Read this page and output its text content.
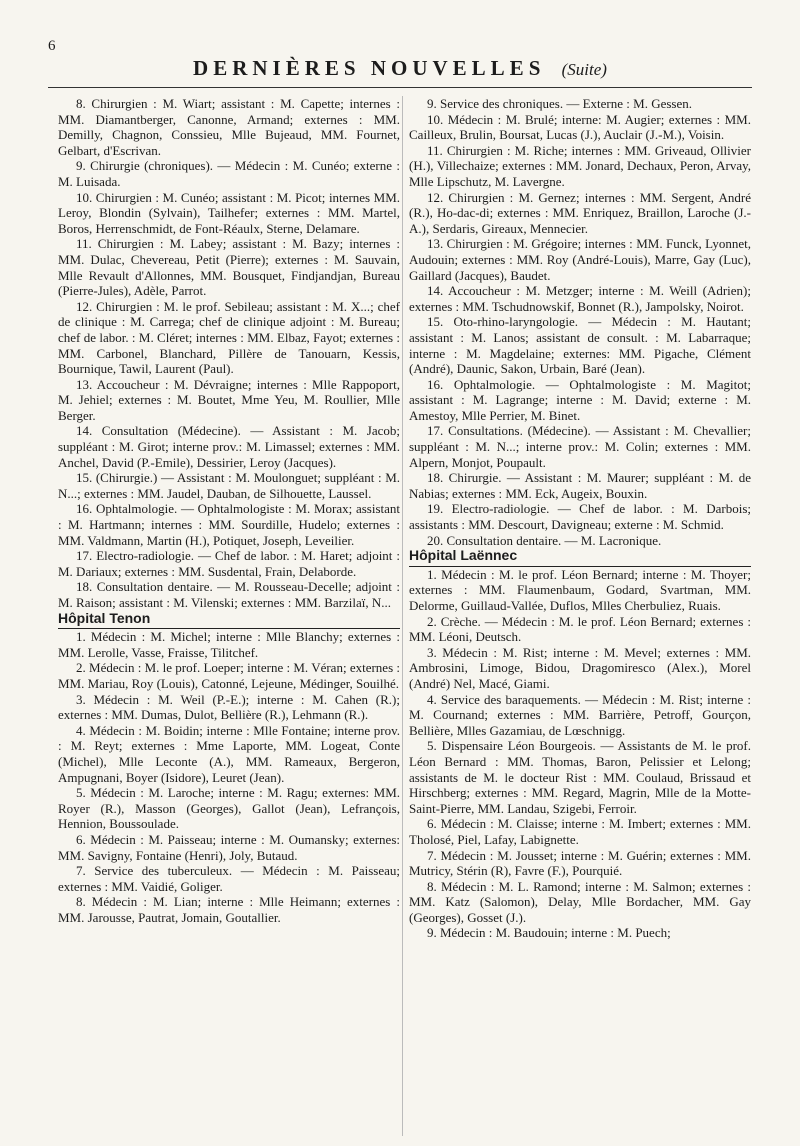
6
DERNIÈRES NOUVELLES (Suite)

8. Chirurgien : M. Wiart; assistant : M. Capette; internes : MM. Diamantberger, Canonne, Armand; externes : MM. Demilly, Chagnon, Conssieu, Mlle Bujeaud, MM. Fournet, Gelbart, d'Escrivan.

9. Chirurgie (chroniques). — Médecin : M. Cunéo; externe : M. Luisada.

10. Chirurgien : M. Cunéo; assistant : M. Picot; internes MM. Leroy, Blondin (Sylvain), Tailhefer; externes : MM. Martel, Boros, Herrenschmidt, de Font-Réaulx, Sterne, Delamare.

11. Chirurgien : M. Labey; assistant : M. Bazy; internes : MM. Dulac, Chevereau, Petit (Pierre); externes : M. Sauvain, Mlle Revault d'Allonnes, MM. Bousquet, Findjandjan, Bureau (Pierre-Jules), Adèle, Parrot.

12. Chirurgien : M. le prof. Sebileau; assistant : M. X...; chef de clinique : M. Carrega; chef de clinique adjoint : M. Bureau; chef de labor. : M. Cléret; internes : MM. Elbaz, Fayot; externes : MM. Carbonel, Blanchard, Pillère de Tanouarn, Kessis, Bournique, Tawil, Laurent (Paul).

13. Accoucheur : M. Dévraigne; internes : Mlle Rappoport, M. Jehiel; externes : M. Boutet, Mme Yeu, M. Roullier, Mlle Berger.

14. Consultation (Médecine). — Assistant : M. Jacob; suppléant : M. Girot; interne prov.: M. Limassel; externes : MM. Anchel, David (P.-Emile), Dessirier, Leroy (Jacques).

15. (Chirurgie.) — Assistant : M. Moulonguet; suppléant : M. N...; externes : MM. Jaudel, Dauban, de Silhouette, Laussel.

16. Ophtalmologie. — Ophtalmologiste : M. Morax; assistant : M. Hartmann; internes : MM. Sourdille, Hudelo; externes : MM. Valdmann, Martin (H.), Potiquet, Joseph, Leveilier.

17. Electro-radiologie. — Chef de labor. : M. Haret; adjoint : M. Dariaux; externes : MM. Susdental, Frain, Delaborde.

18. Consultation dentaire. — M. Rousseau-Decelle; adjoint : M. Raison; assistant : M. Vilenski; externes : MM. Barzilaï, N...

Hôpital Tenon

1. Médecin : M. Michel; interne : Mlle Blanchy; externes : MM. Lerolle, Vasse, Fraisse, Tilitchef.

2. Médecin : M. le prof. Loeper; interne : M. Véran; externes : MM. Mariau, Roy (Louis), Catonné, Lejeune, Médinger, Souilhé.

3. Médecin : M. Weil (P.-E.); interne : M. Cahen (R.); externes : MM. Dumas, Dulot, Bellière (R.), Lehmann (R.).

4. Médecin : M. Boidin; interne : Mlle Fontaine; interne prov. : M. Reyt; externes : Mme Laporte, MM. Logeat, Conte (Michel), Mlle Leconte (A.), MM. Rameaux, Bergeron, Ampugnani, Boyer (Isidore), Leuret (Jean).

5. Médecin : M. Laroche; interne : M. Ragu; externes: MM. Royer (R.), Masson (Georges), Gallot (Jean), Lefrançois, Hennion, Boussoulade.

6. Médecin : M. Paisseau; interne : M. Oumansky; externes: MM. Savigny, Fontaine (Henri), Joly, Butaud.

7. Service des tuberculeux. — Médecin : M. Paisseau; externes : MM. Vaidié, Goliger.

8. Médecin : M. Lian; interne : Mlle Heimann; externes : MM. Jarousse, Pautrat, Jomain, Goutallier.

9. Service des chroniques. — Externe : M. Gessen.

10. Médecin : M. Brulé; interne: M. Augier; externes : MM. Cailleux, Brulin, Boursat, Lucas (J.), Auclair (J.-M.), Voisin.

11. Chirurgien : M. Riche; internes : MM. Griveaud, Ollivier (H.), Villechaize; externes : MM. Jonard, Dechaux, Peron, Arvay, Mlle Lipschutz, M. Lavergne.

12. Chirurgien : M. Gernez; internes : MM. Sergent, André (R.), Ho-dac-di; externes : MM. Enriquez, Braillon, Laroche (J.-A.), Serdaris, Gireaux, Mennecier.

13. Chirurgien : M. Grégoire; internes : MM. Funck, Lyonnet, Audouin; externes : MM. Roy (André-Louis), Marre, Gay (Luc), Gaillard (Jacques), Baudet.

14. Accoucheur : M. Metzger; interne : M. Weill (Adrien); externes : MM. Tschudnowskif, Bonnet (R.), Jampolsky, Noirot.

15. Oto-rhino-laryngologie. — Médecin : M. Hautant; assistant : M. Lanos; assistant de consult. : M. Labarraque; interne : M. Magdelaine; externes: MM. Pigache, Clément (André), Daunic, Sakon, Urbain, Baré (Jean).

16. Ophtalmologie. — Ophtalmologiste : M. Magitot; assistant : M. Lagrange; interne : M. David; externe : M. Amestoy, Mlle Perrier, M. Binet.

17. Consultations. (Médecine). — Assistant : M. Chevallier; suppléant : M. N...; interne prov.: M. Colin; externes : MM. Alpern, Monjot, Poupault.

18. Chirurgie. — Assistant : M. Maurer; suppléant : M. de Nabias; externes : MM. Eck, Augeix, Bouxin.

19. Electro-radiologie. — Chef de labor. : M. Darbois; assistants : MM. Descourt, Davigneau; externe : M. Schmid.

20. Consultation dentaire. — M. Lacronique.

Hôpital Laënnec

1. Médecin : M. le prof. Léon Bernard; interne : M. Thoyer; externes : MM. Flaumenbaum, Godard, Svartman, MM. Delorme, Guillaud-Vallée, Duflos, Mlles Cherbuliez, Ruais.

2. Crèche. — Médecin : M. le prof. Léon Bernard; externes : MM. Léoni, Deutsch.

3. Médecin : M. Rist; interne : M. Mevel; externes : MM. Ambrosini, Limoge, Bidou, Dragomiresco (Alex.), Morel (André) Nel, Macé, Giami.

4. Service des baraquements. — Médecin : M. Rist; interne : M. Cournand; externes : MM. Barrière, Petroff, Gourçon, Bellière, Mlles Gazamiau, de Lœschnigg.

5. Dispensaire Léon Bourgeois. — Assistants de M. le prof. Léon Bernard : MM. Thomas, Baron, Pelissier et Lelong; assistants de M. le docteur Rist : MM. Coulaud, Brissaud et Hirschberg; externes : MM. Regard, Magrin, Mlle de la Motte-Saint-Pierre, MM. Landau, Szigebi, Ferroir.

6. Médecin : M. Claisse; interne : M. Imbert; externes : MM. Tholosé, Piel, Lafay, Labignette.

7. Médecin : M. Jousset; interne : M. Guérin; externes : MM. Mutricy, Stérin (R), Favre (F.), Pourquié.

8. Médecin : M. L. Ramond; interne : M. Salmon; externes : MM. Katz (Salomon), Delay, Mlle Bordacher, MM. Gay (Georges), Gosset (J.).

9. Médecin : M. Baudouin; interne : M. Puech;
